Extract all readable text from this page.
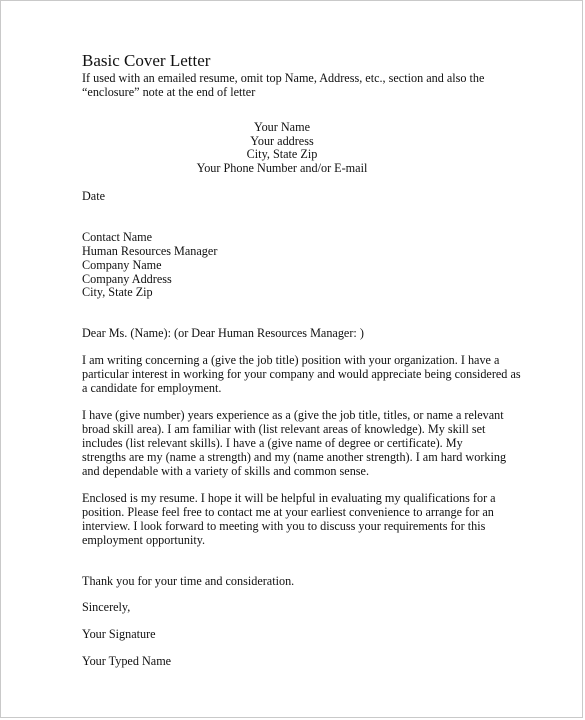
Basic Cover Letter

If used with an emailed resume, omit top Name, Address, etc., section and also the

“enclosure” note at the end of letter

Your Name
Your address
City, State Zip
Your Phone Number and/or E-mail

Date

Contact Name
Human Resources Manager
Company Name
Company Address
City, State Zip

Dear Ms. (Name): (or Dear Human Resources Manager: )

I am writing concerning a (give the job title) position with your organization. I have a
particular interest in working for your company and would appreciate being considered as
a candidate for employment.
I have (give number) years experience as a (give the job title, titles, or name a relevant
broad skill area). I am familiar with (list relevant areas of knowledge). My skill set
includes (list relevant skills). I have a (give name of degree or certificate). My
strengths are my (name a strength) and my (name another strength). I am hard working
and dependable with a variety of skills and common sense.
Enclosed is my resume. I hope it will be helpful in evaluating my qualifications for a
position. Please feel free to contact me at your earliest convenience to arrange for an
interview. I look forward to meeting with you to discuss your requirements for this
employment opportunity.

Thank you for your time and consideration.

Sincerely,

Your Signature

Your Typed Name
